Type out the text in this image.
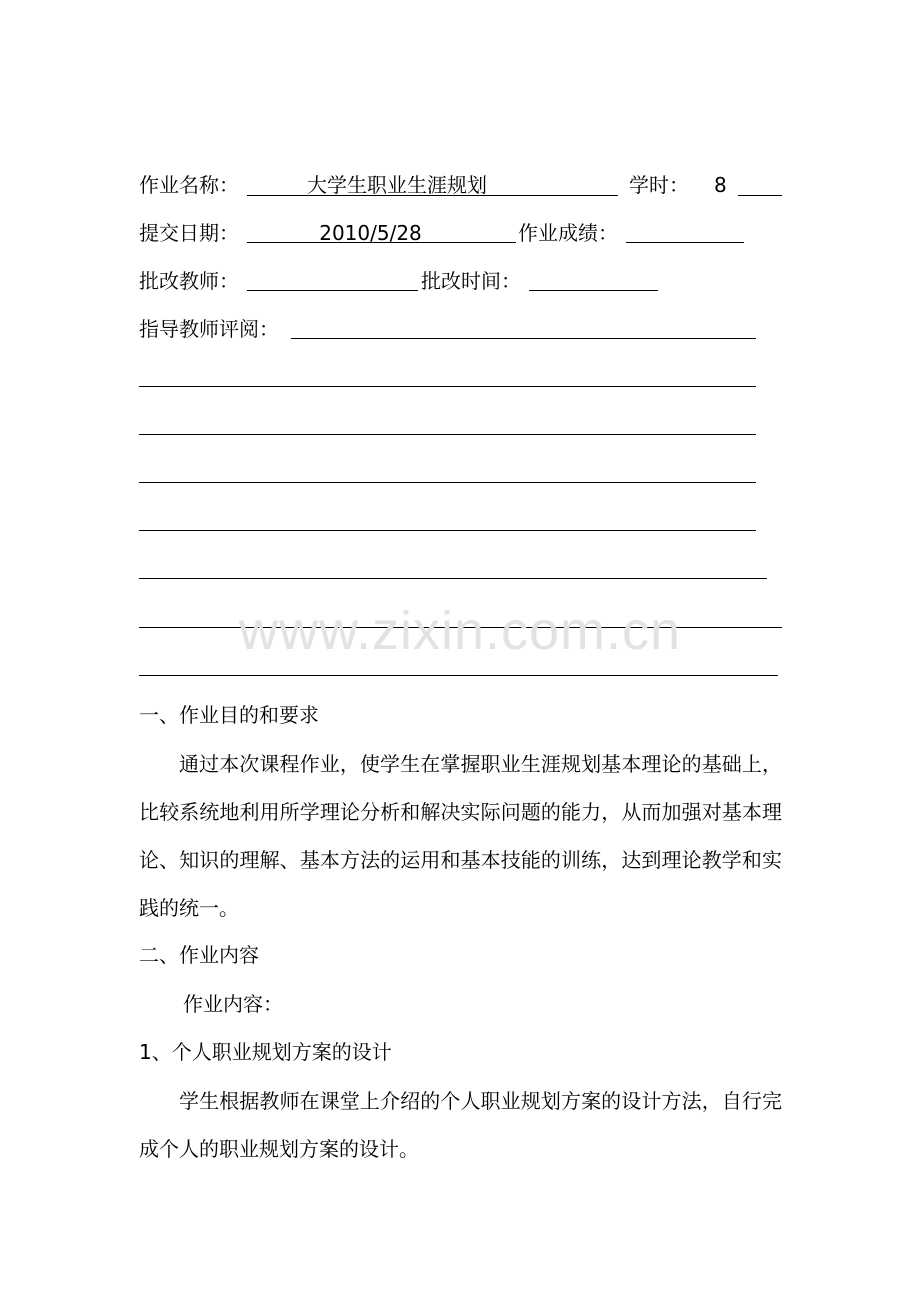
作业名称：	大学生职业生涯规划	学时： 8
提交日期：	2010/5/28	作业成绩：
批改教师：	批改时间：
指导教师评阅：
www.zixin.com.cn
一、作业目的和要求
通过本次课程作业，使学生在掌握职业生涯规划基本理论的基础上，比较系统地利用所学理论分析和解决实际问题的能力，从而加强对基本理论、知识的理解、基本方法的运用和基本技能的训练，达到理论教学和实践的统一。
二、作业内容
作业内容：
1、个人职业规划方案的设计
学生根据教师在课堂上介绍的个人职业规划方案的设计方法，自行完成个人的职业规划方案的设计。
